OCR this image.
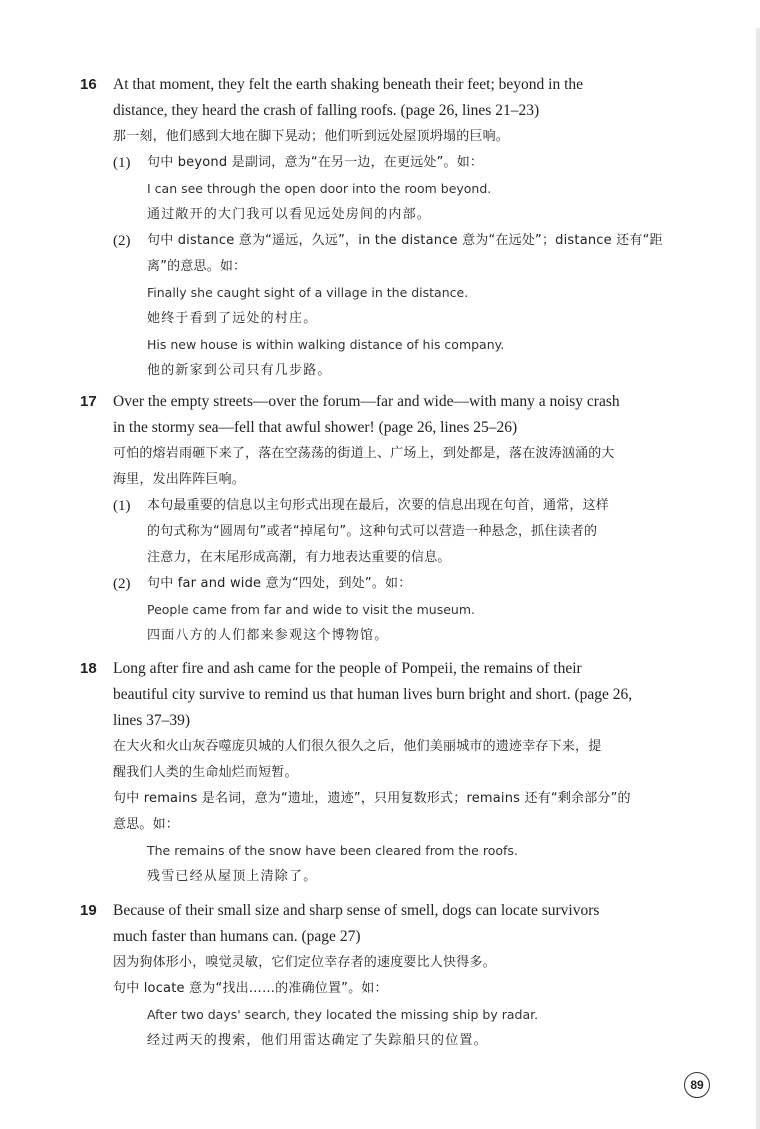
16	At that moment, they felt the earth shaking beneath their feet; beyond in the
distance, they heard the crash of falling roofs. (page 26, lines 21–23)
那一刻，他们感到大地在脚下晃动；他们听到远处屋顶坍塌的巨响。
(1) 句中 beyond 是副词，意为“在另一边，在更远处”。如：
I can see through the open door into the room beyond.
通过敞开的大门我可以看见远处房间的内部。
(2) 句中 distance 意为“遥远，久远”，in the distance 意为“在远处”；distance 还有“距
离”的意思。如：
Finally she caught sight of a village in the distance.
她终于看到了远处的村庄。
His new house is within walking distance of his company.
他的新家到公司只有几步路。
17	Over the empty streets—over the forum—far and wide—with many a noisy crash
in the stormy sea—fell that awful shower! (page 26, lines 25–26)
可怕的熔岩雨砸下来了，落在空荡荡的街道上、广场上，到处都是，落在波涛汹涌的大
海里，发出阵阵巨响。
(1) 本句最重要的信息以主句形式出现在最后，次要的信息出现在句首，通常，这样
的句式称为“圆周句”或者“掉尾句”。这种句式可以营造一种悬念，抓住读者的
注意力，在末尾形成高潮，有力地表达重要的信息。
(2) 句中 far and wide 意为“四处，到处”。如：
People came from far and wide to visit the museum.
四面八方的人们都来参观这个博物馆。
18	Long after fire and ash came for the people of Pompeii, the remains of their
beautiful city survive to remind us that human lives burn bright and short. (page 26,
lines 37–39)
在大火和火山灰吞噬庞贝城的人们很久很久之后，他们美丽城市的遗迹幸存下来，提
醒我们人类的生命灿烂而短暂。
句中 remains 是名词，意为“遗址，遗迹”，只用复数形式；remains 还有“剩余部分”的
意思。如：
The remains of the snow have been cleared from the roofs.
残雪已经从屋顶上清除了。
19	Because of their small size and sharp sense of smell, dogs can locate survivors
much faster than humans can. (page 27)
因为狗体形小，嗅觉灵敏，它们定位幸存者的速度要比人快得多。
句中 locate 意为“找出……的准确位置”。如：
After two days' search, they located the missing ship by radar.
经过两天的搜索，他们用雷达确定了失踪船只的位置。
89
